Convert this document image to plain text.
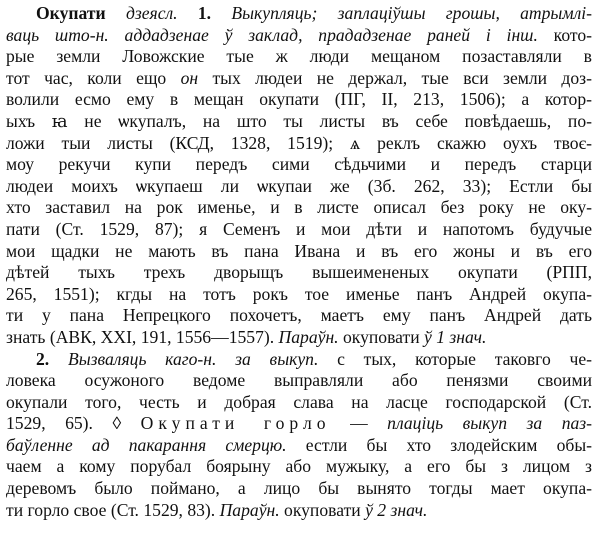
Окупати дзеясл. 1. Выкупляць; заплаціўшы грошы, атрымлі-
ваць што-н. аддадзенае ў заклад, прададзенае раней і інш. кото-
рые земли Ловожские тые ж люди мещаном позаставляли в
тот час, коли ещо он тых людеи не держал, тые вси земли доз-
волили есмо ему в мещан окупати (ПГ, II, 213, 1506); а котор-
ыхъ ꙗ не ѡкупалъ, на што ты листы въ себе повѣдаешь, по-
ложи тыи листы (КСД, 1328, 1519); ѧ реклъ скажю оухъ твоє-
моу рекучи купи передъ сими сѣдьчими и передъ старци
людеи моихъ ѡкупаеш ли ѡкупаи же (3б. 262, 33); Естли бы
хто заставил на рок именье, и в листе описал без року не оку-
пати (Ст. 1529, 87); я Семенъ и мои дѣти и напотомъ будучые
мои щадки не мають въ пана Ивана и въ его жоны и въ его
дѣтей тыхъ трехъ дворыщъ вышеимененых окупати (РПП,
265, 1551); кгды на тотъ рокъ тое именье панъ Андрей окупа-
ти у пана Непрецкого похочетъ, маетъ ему панъ Андрей дать
знать (АВК, XXI, 191, 1556—1557). Параўн. окуповати ў 1 знач.
2. Вызваляць каго-н. за выкуп. с тых, которые таковго че-
ловека осужоного ведоме выправляли або пенязми своими
окупали того, честь и добрая слава на ласце господарской (Ст.
1529, 65). ◊ Окупати горло — плаціць выкуп за паз-
баўленне ад пакарання смерцю. естли бы хто злодейским обы-
чаем а кому порубал боярыну або мужыку, а его бы з лицом з
деревомъ было поймано, а лицо бы вынято тогды мает окупа-
ти горло свое (Ст. 1529, 83). Параўн. окуповати ў 2 знач.
